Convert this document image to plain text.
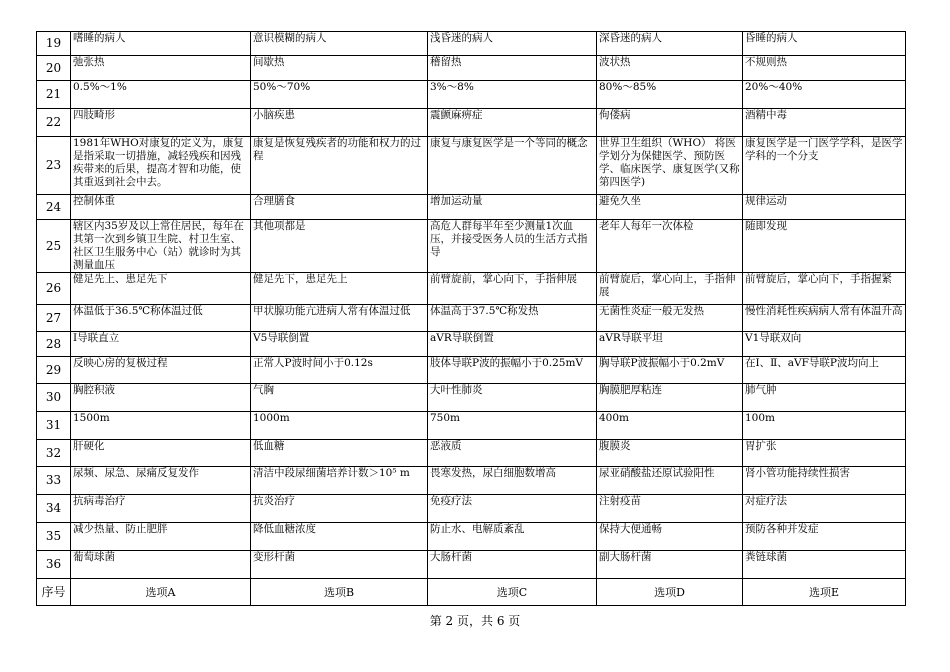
19	嗜睡的病人	意识模糊的病人	浅昏迷的病人	深昏迷的病人	昏睡的病人
20	弛张热	间歇热	稽留热	波状热	不规则热
21	0.5%～1%	50%～70%	3%～8%	80%～85%	20%～40%
22	四肢畸形	小脑疾患	震颤麻痹症	佝偻病	酒精中毒
23	1981年WHO对康复的定义为，康复是指采取一切措施，减轻残疾和因残疾带来的后果，提高才智和功能，使其重返到社会中去。	康复是恢复残疾者的功能和权力的过程	康复与康复医学是一个等同的概念	世界卫生组织（WHO） 将医学划分为保健医学、预防医学、临床医学、康复医学(又称第四医学)	康复医学是一门医学学科，是医学学科的一个分支
24	控制体重	合理膳食	增加运动量	避免久坐	规律运动
25	辖区内35岁及以上常住居民，每年在其第一次到乡镇卫生院、村卫生室、社区卫生服务中心（站）就诊时为其测量血压	其他项都是	高危人群每半年至少测量1次血压，并接受医务人员的生活方式指导	老年人每年一次体检	随即发现
26	健足先上、患足先下	健足先下，患足先上	前臂旋前，掌心向下，手指伸展	前臂旋后，掌心向上，手指伸展	前臂旋后，掌心向下，手指握紧
27	体温低于36.5℃称体温过低	甲状腺功能亢进病人常有体温过低	体温高于37.5℃称发热	无菌性炎症一般无发热	慢性消耗性疾病病人常有体温升高
28	Ⅰ导联直立	V5导联倒置	aVR导联倒置	aVR导联平坦	V1导联双向
29	反映心房的复极过程	正常人P波时间小于0.12s	肢体导联P波的振幅小于0.25mV	胸导联P波振幅小于0.2mV	在Ⅰ、Ⅱ、aVF导联P波均向上
30	胸腔积液	气胸	大叶性肺炎	胸膜肥厚粘连	肺气肿
31	1500m	1000m	750m	400m	100m
32	肝硬化	低血糖	恶液质	腹膜炎	胃扩张
33	尿频、尿急、尿痛反复发作	清洁中段尿细菌培养计数＞10⁵ m	畏寒发热，尿白细胞数增高	尿亚硝酸盐还原试验阳性	肾小管功能持续性损害
34	抗病毒治疗	抗炎治疗	免疫疗法	注射疫苗	对症疗法
35	减少热量、防止肥胖	降低血糖浓度	防止水、电解质紊乱	保持大便通畅	预防各种并发症
36	葡萄球菌	变形杆菌	大肠杆菌	副大肠杆菌	粪链球菌
序号	选项A	选项B	选项C	选项D	选项E
第 2 页，共 6 页
